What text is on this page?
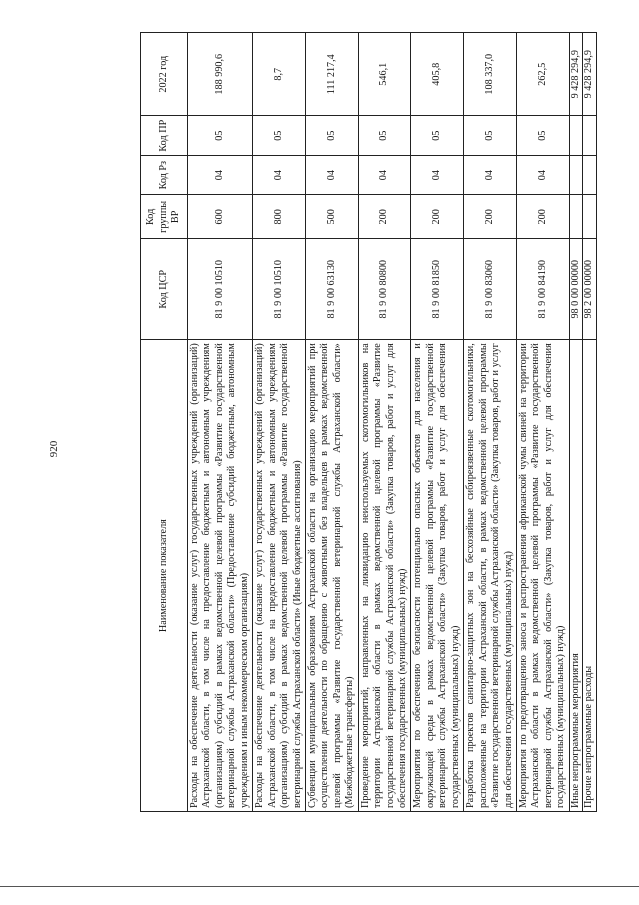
920
Наименование показателя	Код ЦСР	Код группы ВР	Код Рз	Код ПР	2022 год
Расходы на обеспечение деятельности (оказание услуг) государственных учреждений (организаций) Астраханской области, в том числе на предоставление бюджетным и автономным учреждениям (организациям) субсидий в рамках ведомственной целевой программы «Развитие государственной ветеринарной службы Астраханской области» (Предоставление субсидий бюджетным, автономным учреждениям и иным некоммерческим организациям)	81 9 00 10510	600	04	05	188 990,6
Расходы на обеспечение деятельности (оказание услуг) государственных учреждений (организаций) Астраханской области, в том числе на предоставление бюджетным и автономным учреждениям (организациям) субсидий в рамках ведомственной целевой программы «Развитие государственной ветеринарной службы Астраханской области» (Иные бюджетные ассигнования)	81 9 00 10510	800	04	05	8,7
Субвенции муниципальным образованиям Астраханской области на организацию мероприятий при осуществлении деятельности по обращению с животными без владельцев в рамках ведомственной целевой программы «Развитие государственной ветеринарной службы Астраханской области» (Межбюджетные трансферты)	81 9 00 63130	500	04	05	111 217,4
Проведение мероприятий, направленных на ликвидацию неиспользуемых скотомогильников на территории Астраханской области в рамках ведомственной целевой программы «Развитие государственной ветеринарной службы Астраханской области» (Закупка товаров, работ и услуг для обеспечения государственных (муниципальных) нужд)	81 9 00 80800	200	04	05	546,1
Мероприятия по обеспечению безопасности потенциально опасных объектов для населения и окружающей среды в рамках ведомственной целевой программы «Развитие государственной ветеринарной службы Астраханской области» (Закупка товаров, работ и услуг для обеспечения государственных (муниципальных) нужд)	81 9 00 81850	200	04	05	405,8
Разработка проектов санитарно-защитных зон на бесхозяйные сибиреязвенные скотомогильники, расположенные на территории Астраханской области, в рамках ведомственной целевой программы «Развитие государственной ветеринарной службы Астраханской области» (Закупка товаров, работ и услуг для обеспечения государственных (муниципальных) нужд)	81 9 00 83060	200	04	05	108 337,0
Мероприятия по предотвращению заноса и распространения африканской чумы свиней на территории Астраханской области в рамках ведомственной целевой программы «Развитие государственной ветеринарной службы Астраханской области» (Закупка товаров, работ и услуг для обеспечения государственных (муниципальных) нужд)	81 9 00 84190	200	04	05	262,5
Иные непрограммные мероприятия	98 0 00 00000				9 428 294,9
Прочие непрограммные расходы	98 2 00 00000				9 428 294,9
